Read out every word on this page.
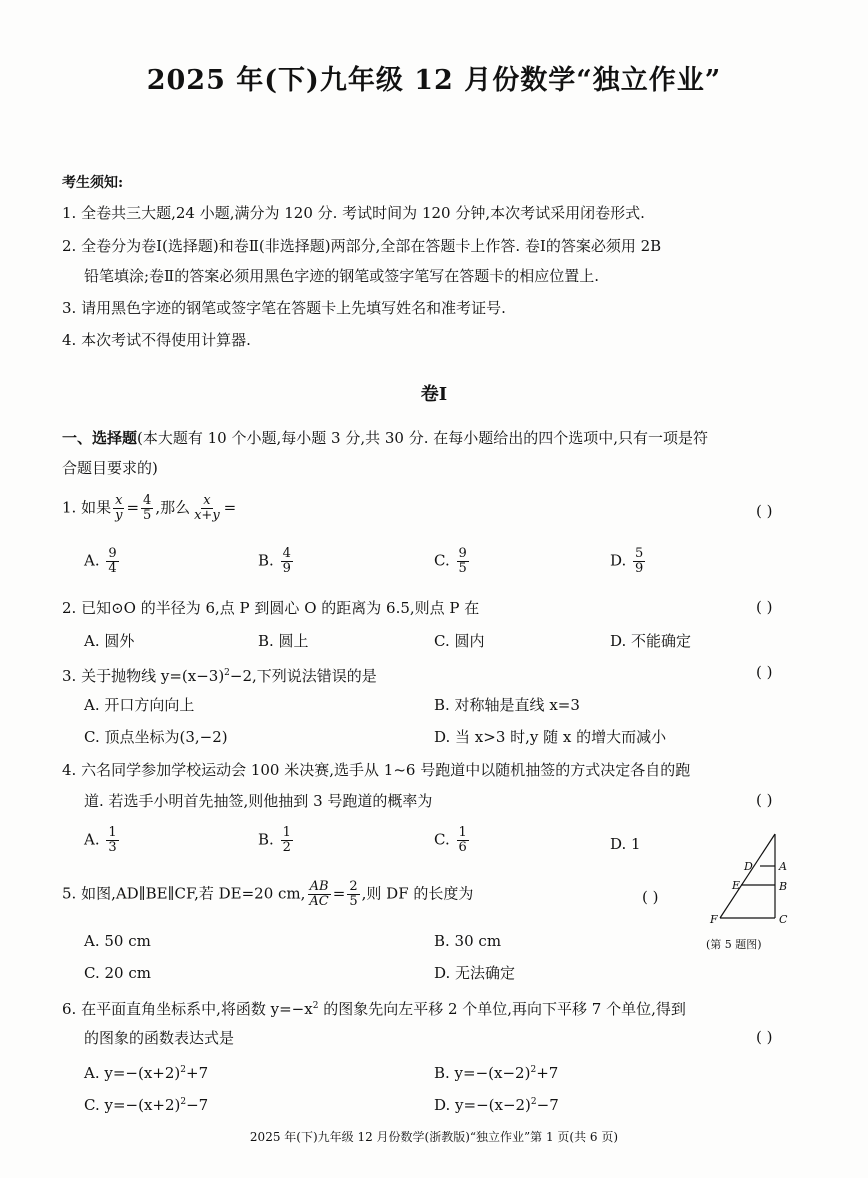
2025 年(下)九年级 12 月份数学“独立作业”
考生须知:
1. 全卷共三大题,24 小题,满分为 120 分. 考试时间为 120 分钟,本次考试采用闭卷形式.
2. 全卷分为卷Ⅰ(选择题)和卷Ⅱ(非选择题)两部分,全部在答题卡上作答. 卷Ⅰ的答案必须用 2B
铅笔填涂;卷Ⅱ的答案必须用黑色字迹的钢笔或签字笔写在答题卡的相应位置上.
3. 请用黑色字迹的钢笔或签字笔在答题卡上先填写姓名和准考证号.
4. 本次考试不得使用计算器.
卷Ⅰ
一、选择题(本大题有 10 个小题,每小题 3 分,共 30 分. 在每小题给出的四个选项中,只有一项是符
合题目要求的)
1. 如果 $\frac{x}{y} = \frac{4}{5}$ ,那么 $\frac{x}{x+y}$ =	( )
A. $\frac{9}{4}$	B. $\frac{4}{9}$	C. $\frac{9}{5}$	D. $\frac{5}{9}$
2. 已知⊙O 的半径为 6,点 P 到圆心 O 的距离为 6.5,则点 P 在	( )
A. 圆外	B. 圆上	C. 圆内	D. 不能确定
3. 关于抛物线 $y=(x-3)^2-2$,下列说法错误的是	( )
A. 开口方向向上	B. 对称轴是直线 x=3
C. 顶点坐标为(3,−2)	D. 当 x>3 时,y 随 x 的增大而减小
4. 六名同学参加学校运动会 100 米决赛,选手从 1~6 号跑道中以随机抽签的方式决定各自的跑
道. 若选手小明首先抽签,则他抽到 3 号跑道的概率为	( )
A. $\frac{1}{3}$	B. $\frac{1}{2}$	C. $\frac{1}{6}$	D. 1
5. 如图,AD∥BE∥CF,若 DE=20 cm, $\frac{AB}{AC} = \frac{2}{5}$ ,则 DF 的长度为	( )
A. 50 cm	B. 30 cm
C. 20 cm	D. 无法确定
D A
E	B
F	C
(第 5 题图)
6. 在平面直角坐标系中,将函数 $y=-x^2$ 的图象先向左平移 2 个单位,再向下平移 7 个单位,得到
的图象的函数表达式是	( )
A. $y=-(x+2)^2+7$	B. $y=-(x-2)^2+7$
C. $y=-(x+2)^2-7$	D. $y=-(x-2)^2-7$
2025 年(下)九年级 12 月份数学(浙教版)“独立作业”第 1 页(共 6 页)
